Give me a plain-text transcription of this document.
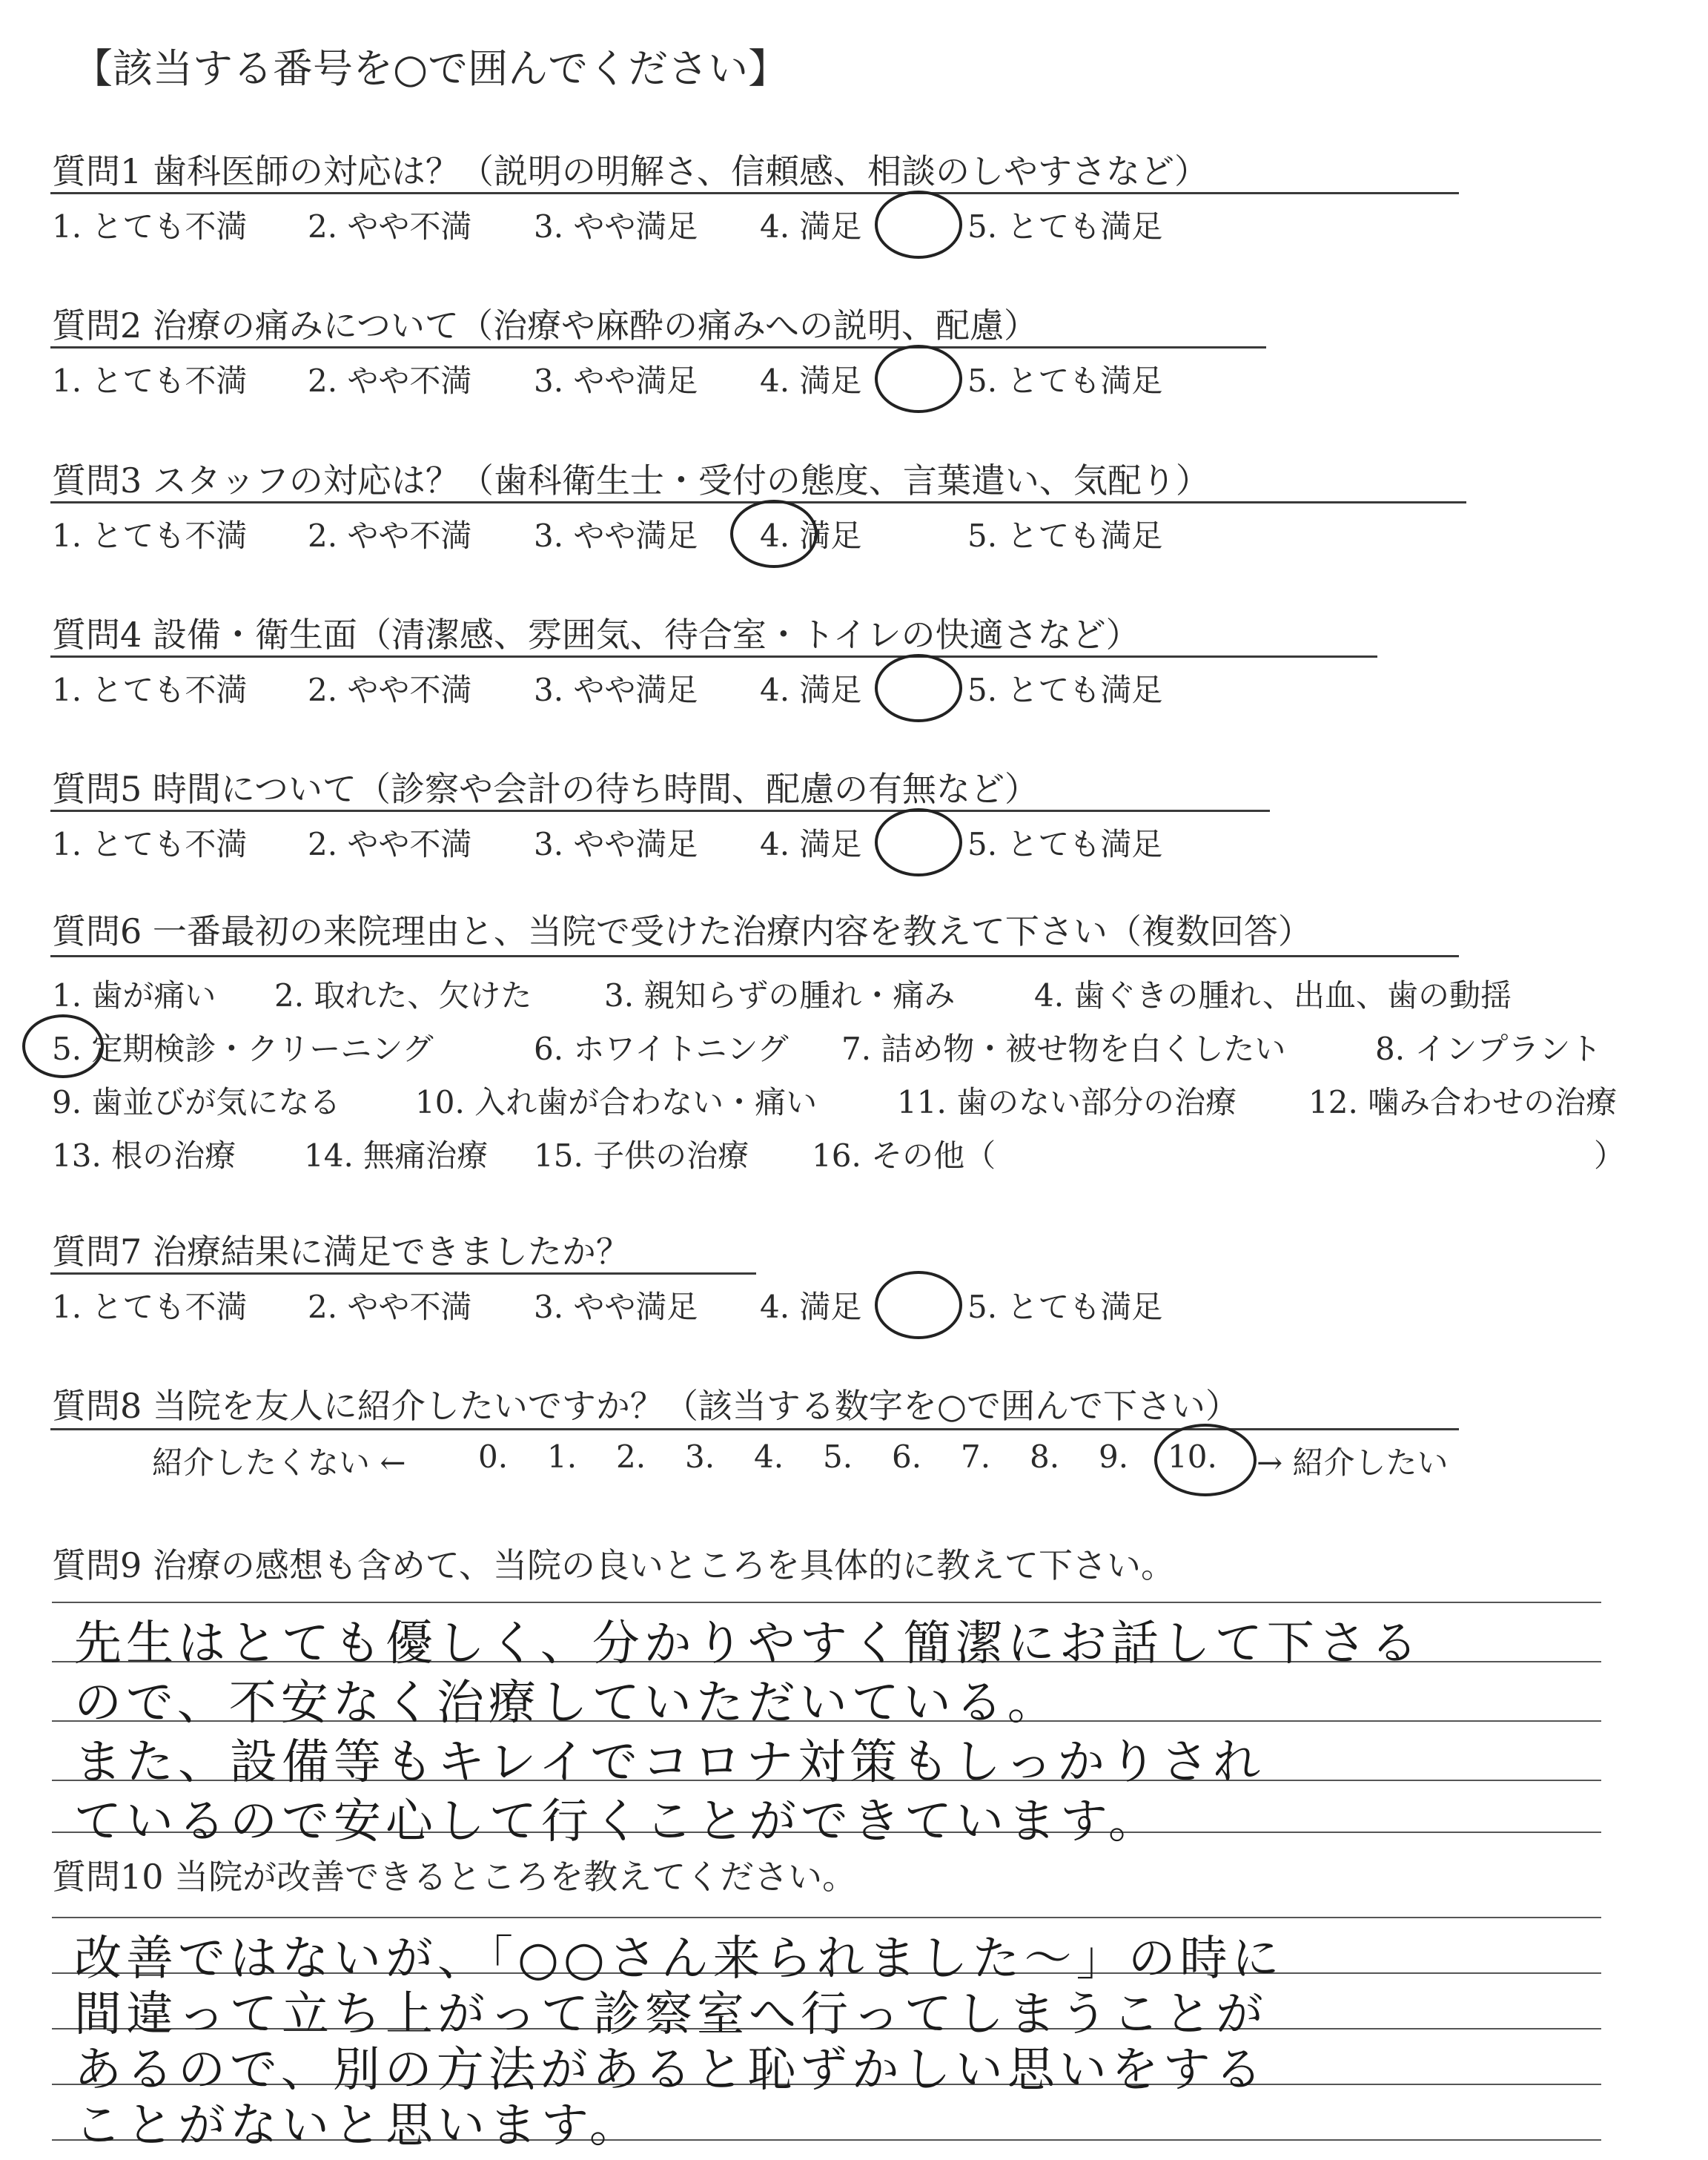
【該当する番号を○で囲んでください】
質問1 歯科医師の対応は？（説明の明解さ、信頼感、相談のしやすさなど）
1. とても不満 2. やや不満 3. やや満足 4. 満足	5. とても満足
質問2 治療の痛みについて（治療や麻酔の痛みへの説明、配慮）
1. とても不満 2. やや不満 3. やや満足 4. 満足	5. とても満足
質問3 スタッフの対応は？（歯科衛生士・受付の態度、言葉遣い、気配り）
1. とても不満 2. やや不満 3. やや満足 4. 満足	5. とても満足
質問4 設備・衛生面（清潔感、雰囲気、待合室・トイレの快適さなど）
1. とても不満 2. やや不満 3. やや満足 4. 満足	5. とても満足
質問5 時間について（診察や会計の待ち時間、配慮の有無など）
1. とても不満 2. やや不満 3. やや満足 4. 満足	5. とても満足
質問6 一番最初の来院理由と、当院で受けた治療内容を教えて下さい（複数回答）
1. 歯が痛い 2. 取れた、欠けた 3. 親知らずの腫れ・痛み	4. 歯ぐきの腫れ、出血、歯の動揺
5. 定期検診・クリーニング	6. ホワイトニング 7. 詰め物・被せ物を白くしたい	8. インプラント
9. 歯並びが気になる 10. 入れ歯が合わない・痛い	11. 歯のない部分の治療 12. 噛み合わせの治療
13. 根の治療 14. 無痛治療 15. 子供の治療 16. その他（	）
質問7 治療結果に満足できましたか？
1. とても不満 2. やや不満 3. やや満足 4. 満足	5. とても満足
質問8 当院を友人に紹介したいですか？（該当する数字を○で囲んで下さい）
紹介したくない ← 0. 1. 2. 3. 4. 5. 6. 7. 8. 9. 10. → 紹介したい
質問9 治療の感想も含めて、当院の良いところを具体的に教えて下さい。
先生はとても優しく、分かりやすく簡潔にお話して下さる
ので、不安なく治療していただいている。
また、設備等もキレイでコロナ対策もしっかりされ
ているので安心して行くことができています。
質問10 当院が改善できるところを教えてください。
改善ではないが、「○○さん来られました〜」の時に
間違って立ち上がって診察室へ行ってしまうことが
あるので、別の方法があると恥ずかしい思いをする
ことがないと思います。
